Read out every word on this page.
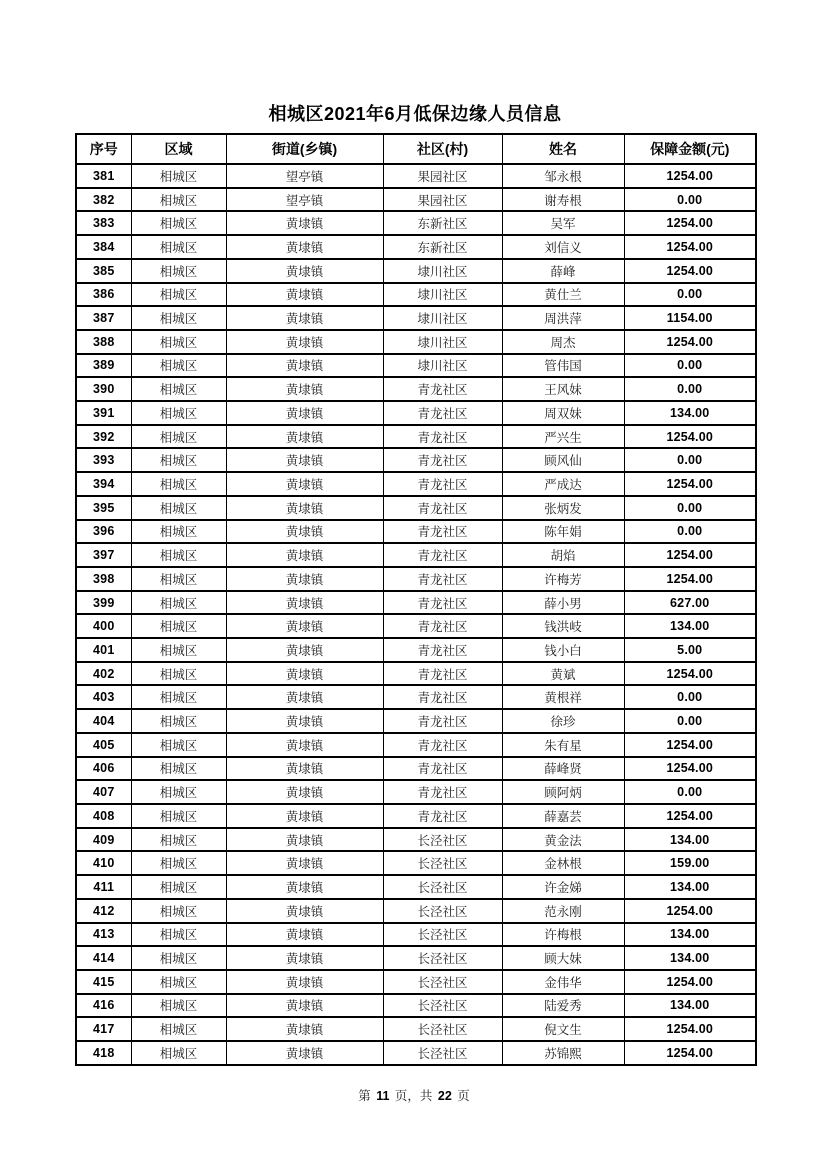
相城区2021年6月低保边缘人员信息
序号	区域	街道(乡镇)	社区(村)	姓名	保障金额(元)
381	相城区	望亭镇	果园社区	邹永根	1254.00
382	相城区	望亭镇	果园社区	谢寿根	0.00
383	相城区	黄埭镇	东新社区	吴军	1254.00
384	相城区	黄埭镇	东新社区	刘信义	1254.00
385	相城区	黄埭镇	埭川社区	薛峰	1254.00
386	相城区	黄埭镇	埭川社区	黄仕兰	0.00
387	相城区	黄埭镇	埭川社区	周洪萍	1154.00
388	相城区	黄埭镇	埭川社区	周杰	1254.00
389	相城区	黄埭镇	埭川社区	管伟国	0.00
390	相城区	黄埭镇	青龙社区	王风妹	0.00
391	相城区	黄埭镇	青龙社区	周双妹	134.00
392	相城区	黄埭镇	青龙社区	严兴生	1254.00
393	相城区	黄埭镇	青龙社区	顾风仙	0.00
394	相城区	黄埭镇	青龙社区	严成达	1254.00
395	相城区	黄埭镇	青龙社区	张炳发	0.00
396	相城区	黄埭镇	青龙社区	陈年娟	0.00
397	相城区	黄埭镇	青龙社区	胡焰	1254.00
398	相城区	黄埭镇	青龙社区	许梅芳	1254.00
399	相城区	黄埭镇	青龙社区	薛小男	627.00
400	相城区	黄埭镇	青龙社区	钱洪岐	134.00
401	相城区	黄埭镇	青龙社区	钱小白	5.00
402	相城区	黄埭镇	青龙社区	黄斌	1254.00
403	相城区	黄埭镇	青龙社区	黄根祥	0.00
404	相城区	黄埭镇	青龙社区	徐珍	0.00
405	相城区	黄埭镇	青龙社区	朱有星	1254.00
406	相城区	黄埭镇	青龙社区	薛峰贤	1254.00
407	相城区	黄埭镇	青龙社区	顾阿炳	0.00
408	相城区	黄埭镇	青龙社区	薛嘉芸	1254.00
409	相城区	黄埭镇	长泾社区	黄金法	134.00
410	相城区	黄埭镇	长泾社区	金林根	159.00
411	相城区	黄埭镇	长泾社区	许金娣	134.00
412	相城区	黄埭镇	长泾社区	范永刚	1254.00
413	相城区	黄埭镇	长泾社区	许梅根	134.00
414	相城区	黄埭镇	长泾社区	顾大妹	134.00
415	相城区	黄埭镇	长泾社区	金伟华	1254.00
416	相城区	黄埭镇	长泾社区	陆爱秀	134.00
417	相城区	黄埭镇	长泾社区	倪文生	1254.00
418	相城区	黄埭镇	长泾社区	苏锦熙	1254.00
第 11 页，共 22 页
